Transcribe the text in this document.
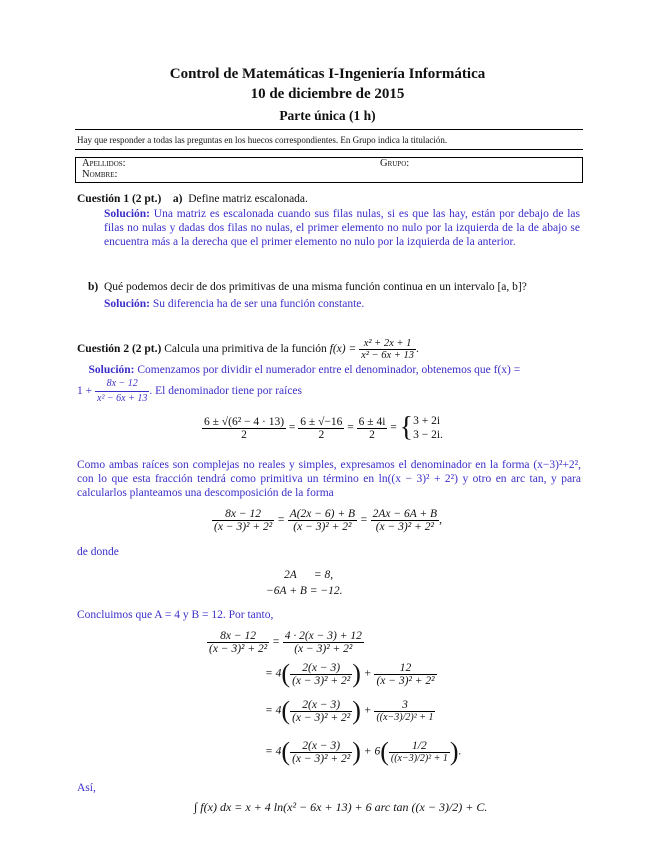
Control de Matemáticas I-Ingeniería Informática
10 de diciembre de 2015
Parte única (1 h)
Hay que responder a todas las preguntas en los huecos correspondientes. En Grupo indica la titulación.
Apellidos:	Grupo:
Nombre:
Cuestión 1 (2 pt.) a) Define matriz escalonada.
Solución: Una matriz es escalonada cuando sus filas nulas, si es que las hay, están por debajo de las filas no nulas y dadas dos filas no nulas, el primer elemento no nulo por la izquierda de la de abajo se encuentra más a la derecha que el primer elemento no nulo por la izquierda de la anterior.
b) Qué podemos decir de dos primitivas de una misma función continua en un intervalo [a, b]?
Solución: Su diferencia ha de ser una función constante.
Cuestión 2 (2 pt.) Calcula una primitiva de la función $f(x) = \frac{\text{x² + 2x + 1}}{\text{x² − 6x + 13}}$ .
Solución: Comenzamos por dividir el numerador entre el denominador, obtenemos que f(x) =
$1 + \frac{8x - 12}{\text{x² − 6x + 13}}$ . El denominador tiene por raíces
$\frac{\text{6 ± √(6² − 4 · 13)}}{2} = \frac{6 \pm √-16}{2} = \frac{6 \pm 4i}{2}$ = { 3 + 2i
3 − 2i.
Como ambas raíces son complejas no reales y simples, expresamos el denominador en la forma (x−3)²+2², con lo que esta fracción tendrá como primitiva un término en ln((x − 3)² + 2²) y otro en arc tan, y para calcularlos planteamos una descomposición de la forma
$\frac{8x - 12}{\text{(x − 3)² + 2²}} = \frac{A(2x - 6) + B}{\text{(x − 3)² + 2²}} = \frac{2Ax - 6A + B}{\text{(x − 3)² + 2²}}$ ,
de donde
2A      = 8,
−6A + B = −12.
Concluimos que A = 4 y B = 12. Por tanto,
$\frac{8x - 12}{\text{(x − 3)² + 2²}} = \frac{4 \cdot 2(x - 3) + 12}{\text{(x − 3)² + 2²}}$
= $4( \frac{2(x - 3)}{\text{(x − 3)² + 2²}}$ ) + $\frac{12}{\text{(x − 3)² + 2²}}$
= $4( \frac{2(x - 3)}{\text{(x − 3)² + 2²}}$ ) + $\frac{3}{\text{((x−3)/2)² + 1}}$
= $4( \frac{2(x - 3)}{\text{(x − 3)² + 2²}}$ ) + $6( \frac{1/2}{\text{((x−3)/2)² + 1}}$ ).
Así,
∫ f(x) dx = x + 4 ln(x² − 6x + 13) + 6 arc tan ((x − 3)/2) + C.
